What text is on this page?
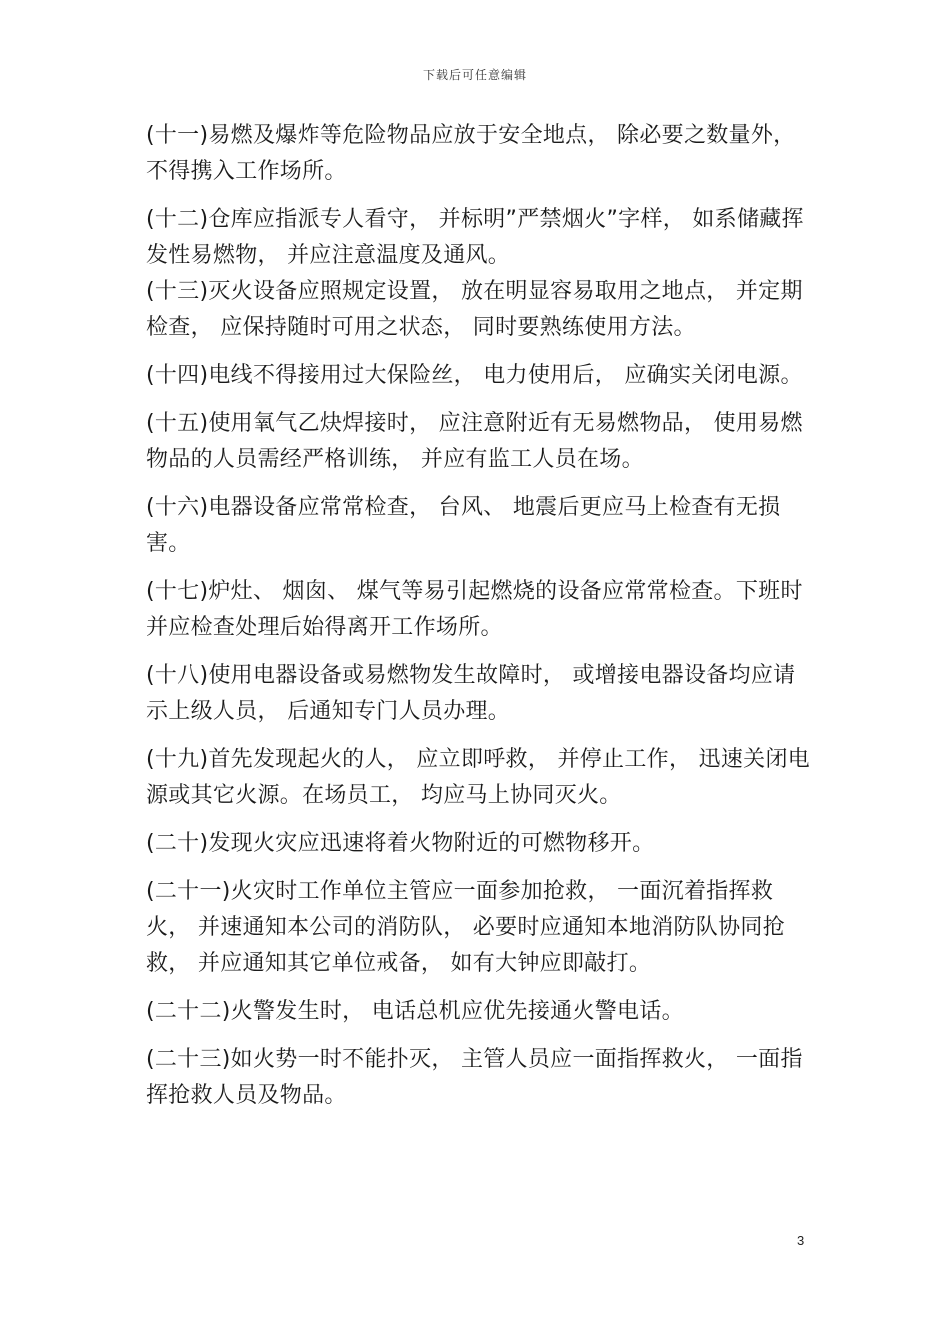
下载后可任意编辑

(十一)易燃及爆炸等危险物品应放于安全地点， 除必要之数量外，不得携入工作场所。

(十二)仓库应指派专人看守， 并标明”严禁烟火”字样， 如系储藏挥发性易燃物， 并应注意温度及通风。

(十三)灭火设备应照规定设置， 放在明显容易取用之地点， 并定期检查， 应保持随时可用之状态， 同时要熟练使用方法。

(十四)电线不得接用过大保险丝， 电力使用后， 应确实关闭电源。

(十五)使用氧气乙炔焊接时， 应注意附近有无易燃物品， 使用易燃物品的人员需经严格训练， 并应有监工人员在场。

(十六)电器设备应常常检查， 台风、 地震后更应马上检查有无损害。

(十七)炉灶、 烟囱、 煤气等易引起燃烧的设备应常常检查。下班时并应检查处理后始得离开工作场所。

(十八)使用电器设备或易燃物发生故障时， 或增接电器设备均应请示上级人员， 后通知专门人员办理。

(十九)首先发现起火的人， 应立即呼救， 并停止工作， 迅速关闭电源或其它火源。在场员工， 均应马上协同灭火。

(二十)发现火灾应迅速将着火物附近的可燃物移开。

(二十一)火灾时工作单位主管应一面参加抢救， 一面沉着指挥救火， 并速通知本公司的消防队， 必要时应通知本地消防队协同抢救， 并应通知其它单位戒备， 如有大钟应即敲打。

(二十二)火警发生时， 电话总机应优先接通火警电话。

(二十三)如火势一时不能扑灭， 主管人员应一面指挥救火， 一面指挥抢救人员及物品。

3
